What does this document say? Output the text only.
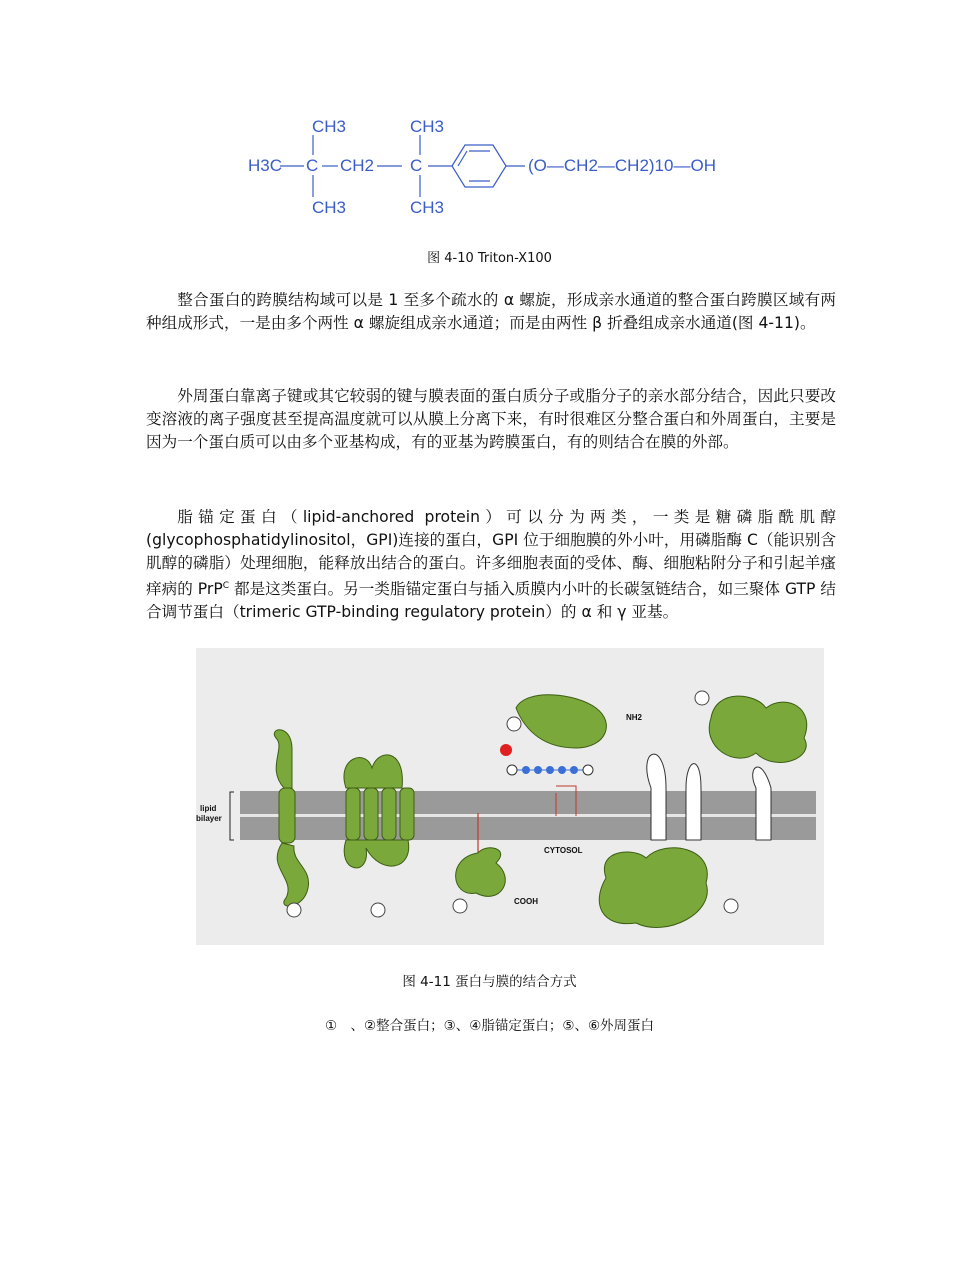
CH3	CH3
H3C C CH2 C	(O—CH2—CH2)10—OH
CH3	CH3
图 4-10 Triton-X100

整合蛋白的跨膜结构域可以是 1 至多个疏水的 α 螺旋，形成亲水通道的整合蛋白跨膜区域有两种组成形式，一是由多个两性 α 螺旋组成亲水通道；而是由两性 β 折叠组成亲水通道(图 4-11)。

外周蛋白靠离子键或其它较弱的键与膜表面的蛋白质分子或脂分子的亲水部分结合，因此只要改变溶液的离子强度甚至提高温度就可以从膜上分离下来，有时很难区分整合蛋白和外周蛋白，主要是因为一个蛋白质可以由多个亚基构成，有的亚基为跨膜蛋白，有的则结合在膜的外部。

脂锚定蛋白（lipid-anchored protein）可以分为两类，一类是糖磷脂酰肌醇(glycophosphatidylinositol，GPI)连接的蛋白，GPI 位于细胞膜的外小叶，用磷脂酶 C（能识别含肌醇的磷脂）处理细胞，能释放出结合的蛋白。许多细胞表面的受体、酶、细胞粘附分子和引起羊瘙痒病的 PrP$^C$ 都是这类蛋白。另一类脂锚定蛋白与插入质膜内小叶的长碳氢链结合，如三聚体 GTP 结合调节蛋白（trimeric GTP-binding regulatory protein）的 α 和 γ 亚基。

lipid
bilayer
CYTOSOL
COOH
NH2
图 4-11 蛋白与膜的结合方式
①　、②整合蛋白；③、④脂锚定蛋白；⑤、⑥外周蛋白
